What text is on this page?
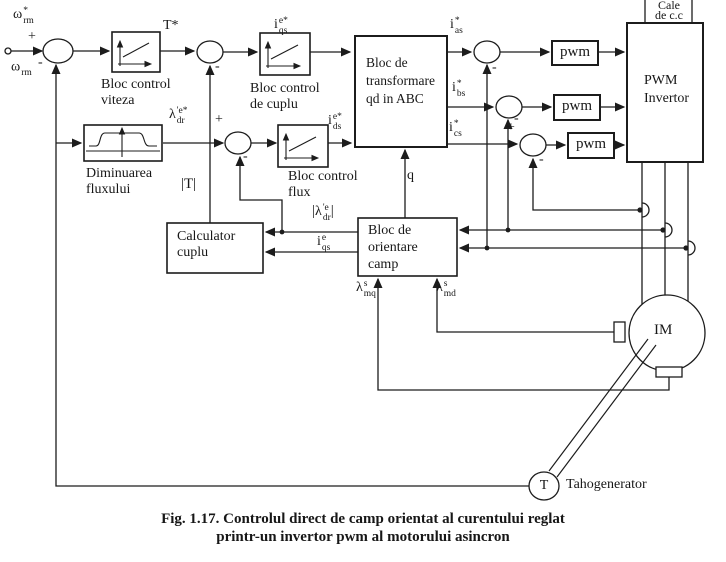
ω *
rm
+
-
ω rm
T*
-
i e*
qs
λ 'e*
dr +
-
i e*
ds
q
i *
as
i *
bs
i *
cs
-
-
+
-
|T|
|λ 'e
dr |
i e
qs
λ s
mq	λ s
md
Bloc control
viteza
Diminuarea
fluxului
Bloc control
de cuplu
Bloc control
flux
Bloc de
transformare
qd in ABC
pwm
pwm
pwm
PWM
Invertor
Cale
de c.c
Calculator
cuplu
Bloc de
orientare
camp
IM
T Tahogenerator
Fig. 1.17. Controlul direct de camp orientat al curentului reglat
printr-un invertor pwm al motorului asincron
